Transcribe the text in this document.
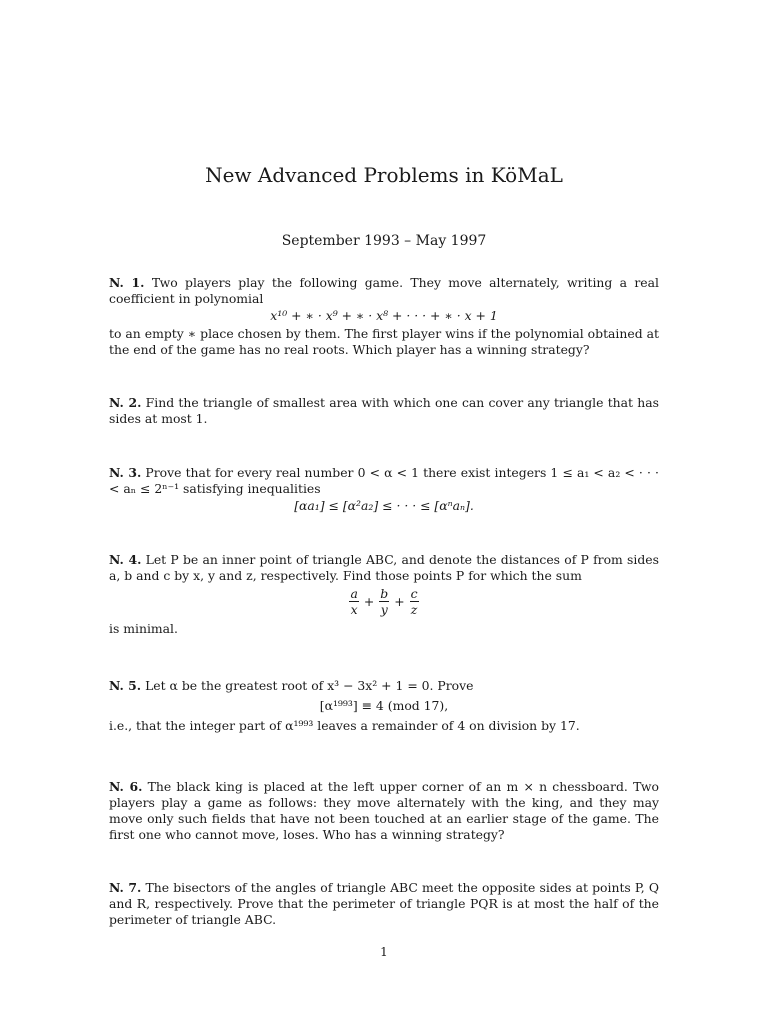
New Advanced Problems in KöMaL
September 1993 – May 1997

N. 1. Two players play the following game. They move alternately, writing a real coefficient in polynomial

x¹⁰ + ∗ · x⁹ + ∗ · x⁸ + · · · + ∗ · x + 1

to an empty ∗ place chosen by them. The first player wins if the polynomial obtained at the end of the game has no real roots. Which player has a winning strategy?

N. 2. Find the triangle of smallest area with which one can cover any triangle that has sides at most 1.

N. 3. Prove that for every real number 0 < α < 1 there exist integers 1 ≤ a₁ < a₂ < · · · < aₙ ≤ 2ⁿ⁻¹ satisfying inequalities

[αa₁] ≤ [α²a₂] ≤ · · · ≤ [αⁿaₙ].

N. 4. Let P be an inner point of triangle ABC, and denote the distances of P from sides a, b and c by x, y and z, respectively. Find those points P for which the sum

$\frac{a}{x} + \frac{b}{y} + \frac{c}{z}$

is minimal.

N. 5. Let α be the greatest root of x³ − 3x² + 1 = 0. Prove

[α¹⁹⁹³] ≡ 4 (mod 17),

i.e., that the integer part of α¹⁹⁹³ leaves a remainder of 4 on division by 17.

N. 6. The black king is placed at the left upper corner of an m × n chessboard. Two players play a game as follows: they move alternately with the king, and they may move only such fields that have not been touched at an earlier stage of the game. The first one who cannot move, loses. Who has a winning strategy?

N. 7. The bisectors of the angles of triangle ABC meet the opposite sides at points P, Q and R, respectively. Prove that the perimeter of triangle PQR is at most the half of the perimeter of triangle ABC.

1
